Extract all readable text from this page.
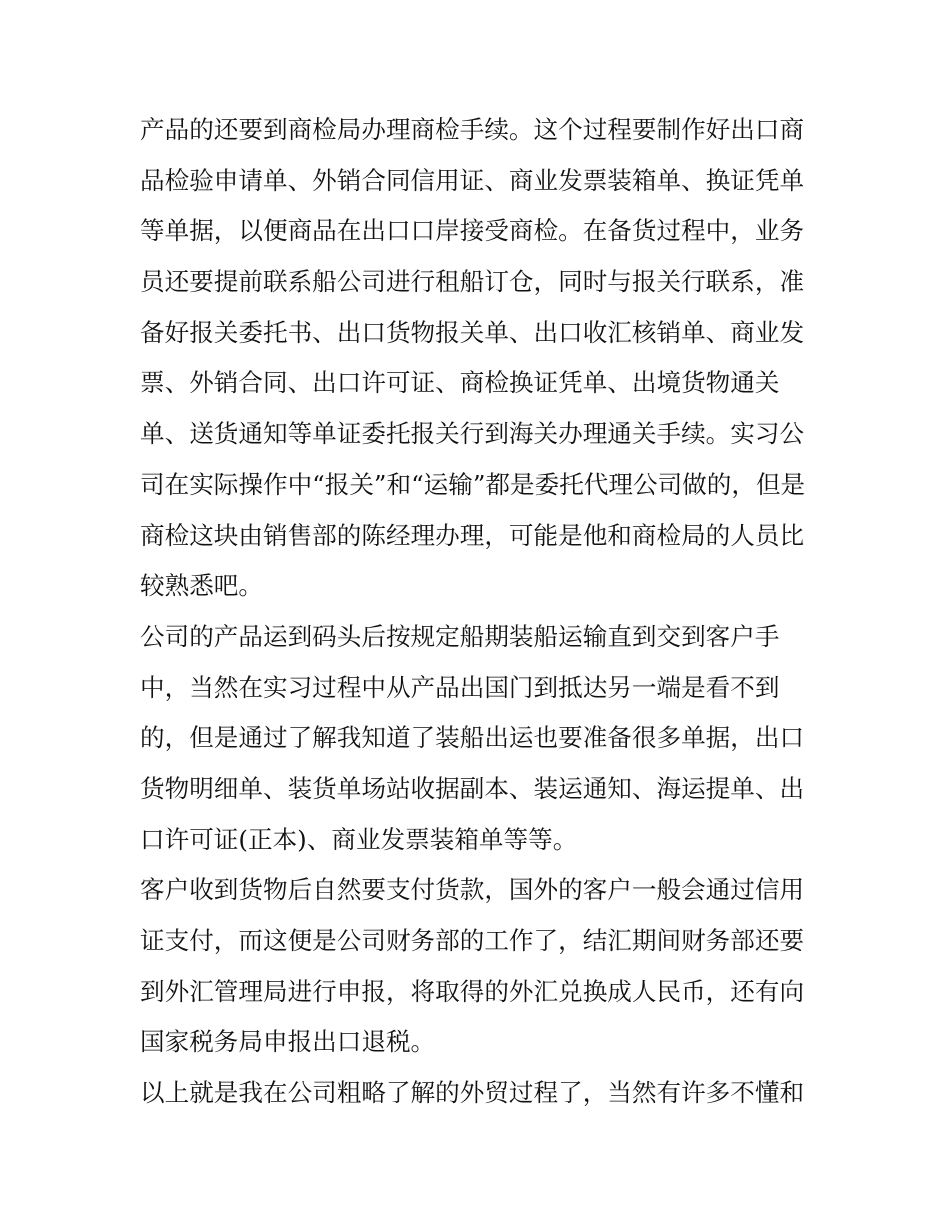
产品的还要到商检局办理商检手续。这个过程要制作好出口商
品检验申请单、外销合同信用证、商业发票装箱单、换证凭单
等单据，以便商品在出口口岸接受商检。在备货过程中，业务
员还要提前联系船公司进行租船订仓，同时与报关行联系，准
备好报关委托书、出口货物报关单、出口收汇核销单、商业发
票、外销合同、出口许可证、商检换证凭单、出境货物通关
单、送货通知等单证委托报关行到海关办理通关手续。实习公
司在实际操作中“报关”和“运输”都是委托代理公司做的，但是
商检这块由销售部的陈经理办理，可能是他和商检局的人员比
较熟悉吧。
公司的产品运到码头后按规定船期装船运输直到交到客户手
中，当然在实习过程中从产品出国门到抵达另一端是看不到
的，但是通过了解我知道了装船出运也要准备很多单据，出口
货物明细单、装货单场站收据副本、装运通知、海运提单、出
口许可证(正本)、商业发票装箱单等等。
客户收到货物后自然要支付货款，国外的客户一般会通过信用
证支付，而这便是公司财务部的工作了，结汇期间财务部还要
到外汇管理局进行申报，将取得的外汇兑换成人民币，还有向
国家税务局申报出口退税。
以上就是我在公司粗略了解的外贸过程了，当然有许多不懂和
